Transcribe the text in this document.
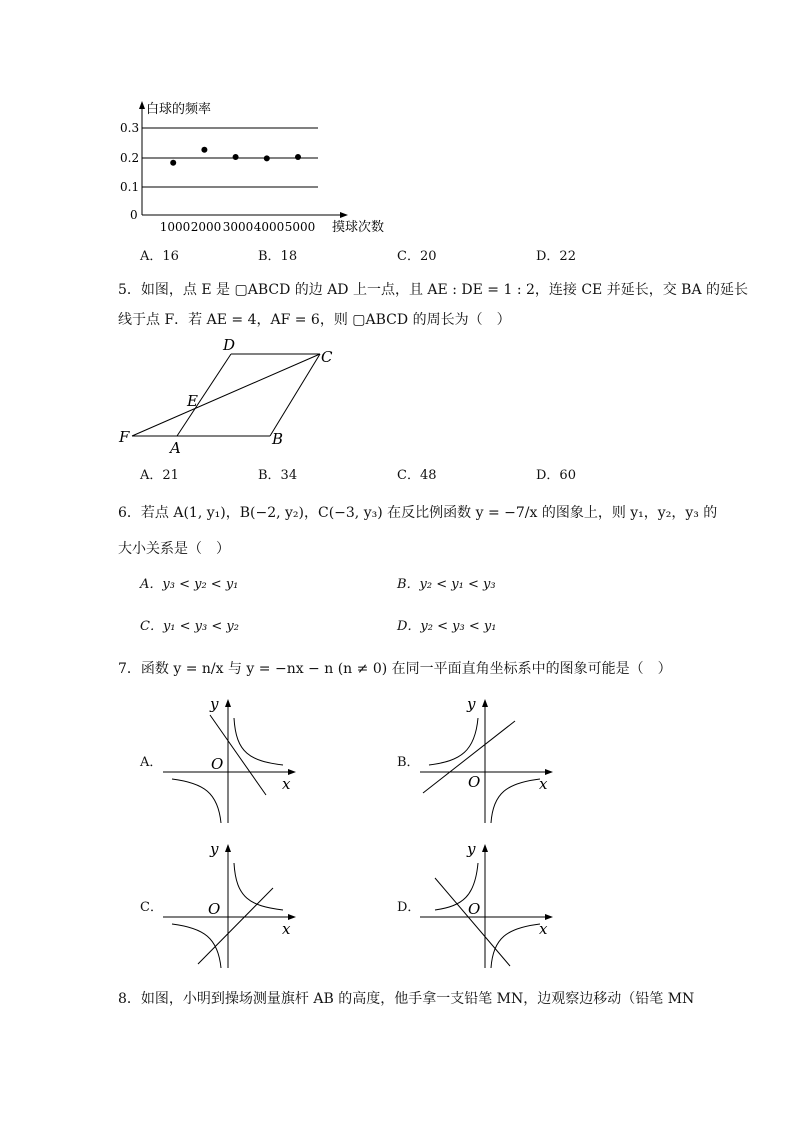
白球的频率
0.3
0.2
0.1
0
1000 2000 3000 4000 5000 摸球次数
A．16	B．18	C．20	D．22
5．如图，点 E 是 ▢ABCD 的边 AD 上一点，且 AE : DE = 1 : 2，连接 CE 并延长，交 BA 的延长
线于点 F．若 AE = 4，AF = 6，则 ▢ABCD 的周长为（　）
D
C
E
F
A	B
A．21	B．34	C．48	D．60
6．若点 A(1, y₁)，B(−2, y₂)，C(−3, y₃) 在反比例函数 y = −7/x 的图象上，则 y₁，y₂，y₃ 的
大小关系是（　）
A．y₃ < y₂ < y₁	B．y₂ < y₁ < y₃
C．y₁ < y₃ < y₂	D．y₂ < y₃ < y₁
7．函数 y = n/x 与 y = −nx − n (n ≠ 0) 在同一平面直角坐标系中的图象可能是（　）
A．
y
x
O	B．
y
x
O
C．
y
x
O	D．
y
x
O
8．如图，小明到操场测量旗杆 AB 的高度，他手拿一支铅笔 MN，边观察边移动（铅笔 MN
